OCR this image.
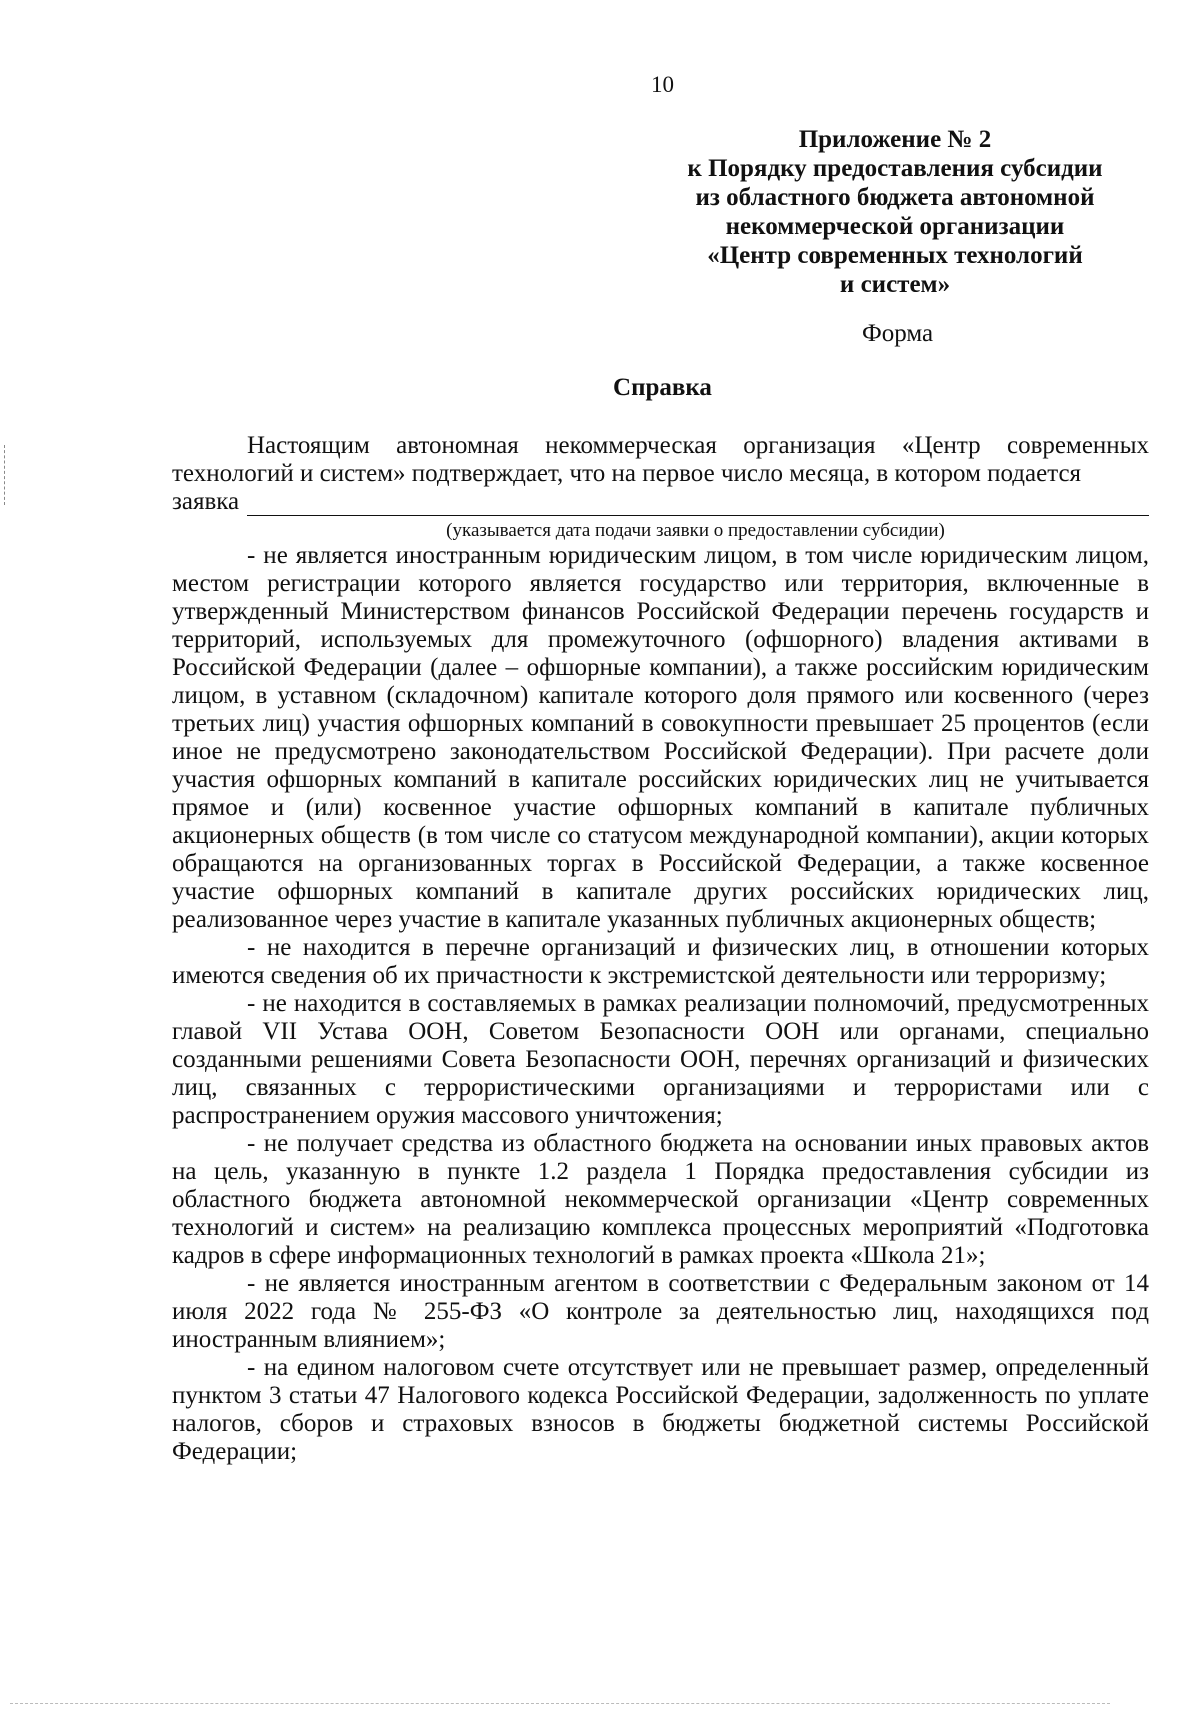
10
Приложение № 2
к Порядку предоставления субсидии
из областного бюджета автономной
некоммерческой организации
«Центр современных технологий
и систем»
Форма
Справка

Настоящим автономная некоммерческая организация «Центр современных технологий и систем» подтверждает, что на первое число месяца, в котором подается

заявка
(указывается дата подачи заявки о предоставлении субсидии)

- не является иностранным юридическим лицом, в том числе юридическим лицом, местом регистрации которого является государство или территория, включенные в утвержденный Министерством финансов Российской Федерации перечень государств и территорий, используемых для промежуточного (офшорного) владения активами в Российской Федерации (далее – офшорные компании), а также российским юридическим лицом, в уставном (складочном) капитале которого доля прямого или косвенного (через третьих лиц) участия офшорных компаний в совокупности превышает 25 процентов (если иное не предусмотрено законодательством Российской Федерации). При расчете доли участия офшорных компаний в капитале российских юридических лиц не учитывается прямое и (или) косвенное участие офшорных компаний в капитале публичных акционерных обществ (в том числе со статусом международной компании), акции которых обращаются на организованных торгах в Российской Федерации, а также косвенное участие офшорных компаний в капитале других российских юридических лиц, реализованное через участие в капитале указанных публичных акционерных обществ;

- не находится в перечне организаций и физических лиц, в отношении которых имеются сведения об их причастности к экстремистской деятельности или терроризму;

- не находится в составляемых в рамках реализации полномочий, предусмотренных главой VII Устава ООН, Советом Безопасности ООН или органами, специально созданными решениями Совета Безопасности ООН, перечнях организаций и физических лиц, связанных с террористическими организациями и террористами или с распространением оружия массового уничтожения;

- не получает средства из областного бюджета на основании иных правовых актов на цель, указанную в пункте 1.2 раздела 1 Порядка предоставления субсидии из областного бюджета автономной некоммерческой организации «Центр современных технологий и систем» на реализацию комплекса процессных мероприятий «Подготовка кадров в сфере информационных технологий в рамках проекта «Школа 21»;

- не является иностранным агентом в соответствии с Федеральным законом от 14 июля 2022 года № 255-ФЗ «О контроле за деятельностью лиц, находящихся под иностранным влиянием»;

- на едином налоговом счете отсутствует или не превышает размер, определенный пунктом 3 статьи 47 Налогового кодекса Российской Федерации, задолженность по уплате налогов, сборов и страховых взносов в бюджеты бюджетной системы Российской Федерации;
